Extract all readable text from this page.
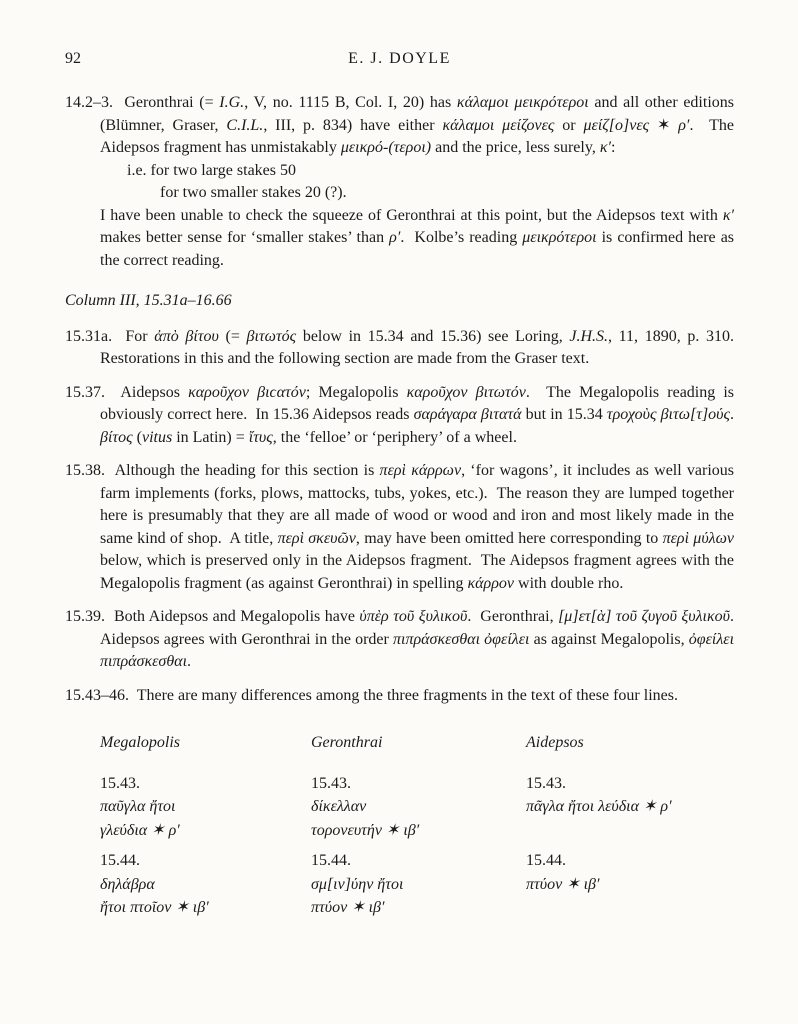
92	E. J. DOYLE

14.2–3.  Geronthrai (= I.G., V, no. 1115 B, Col. I, 20) has κάλαμοι μεικρότεροι and all other editions (Blümner, Graser, C.I.L., III, p. 834) have either κάλαμοι μείζονες or μείζ[ο]νες ✶ ρ′.  The Aidepsos fragment has unmistakably μεικρό-(τεροι) and the price, less surely, κ′:

i.e. for two large stakes 50

for two smaller stakes 20 (?).

I have been unable to check the squeeze of Geronthrai at this point, but the Aidepsos text with κ′ makes better sense for ‘smaller stakes’ than ρ′.  Kolbe’s reading μεικρότεροι is confirmed here as the correct reading.

Column III, 15.31a–16.66

15.31a.  For ἀπὸ βίτου (= βιτωτός below in 15.34 and 15.36) see Loring, J.H.S., 11, 1890, p. 310.  Restorations in this and the following section are made from the Graser text.

15.37.  Aidepsos καροῦχον βιϲατόν; Megalopolis καροῦχον βιτωτόν.  The Megalopolis reading is obviously correct here.  In 15.36 Aidepsos reads σαράγαρα βιτατά but in 15.34 τροχοὺς βιτω[τ]ούς.  βίτος (vitus in Latin) = ἴτυς, the ‘felloe’ or ‘periphery’ of a wheel.

15.38.  Although the heading for this section is περὶ κάρρων, ‘for wagons’, it includes as well various farm implements (forks, plows, mattocks, tubs, yokes, etc.).  The reason they are lumped together here is presumably that they are all made of wood or wood and iron and most likely made in the same kind of shop.  A title, περὶ σκευῶν, may have been omitted here corresponding to περὶ μύλων below, which is preserved only in the Aidepsos fragment.  The Aidepsos fragment agrees with the Megalopolis fragment (as against Geronthrai) in spelling κάρρον with double rho.

15.39.  Both Aidepsos and Megalopolis have ὑπὲρ τοῦ ξυλικοῦ.  Geronthrai, [μ]ετ[ὰ] τοῦ ζυγοῦ ξυλικοῦ.  Aidepsos agrees with Geronthrai in the order πιπράσκεσθαι ὀφείλει as against Megalopolis, ὀφείλει πιπράσκεσθαι.

15.43–46.  There are many differences among the three fragments in the text of these four lines.

Megalopolis	Geronthrai	Aidepsos
15.43.	15.43.	15.43.
παῦγλα ἤτοι	δίκελλαν	πᾶγλα ἤτοι λεύδια ✶ ρ′
γλεύδια ✶ ρ′	τορονευτήν ✶ ιβ′
15.44.	15.44.	15.44.
δηλάβρα	σμ[ιν]ύην ἤτοι	πτύον ✶ ιβ′
ἤτοι πτοῖον ✶ ιβ′	πτύον ✶ ιβ′
